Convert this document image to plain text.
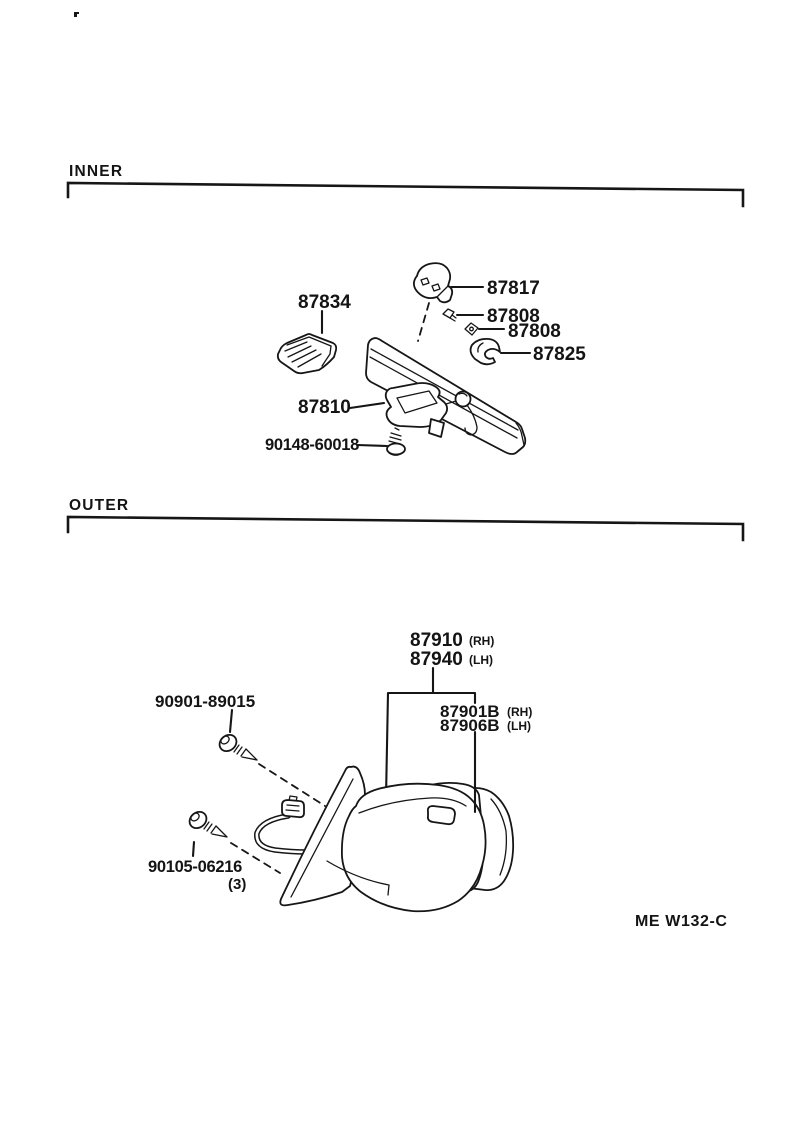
INNER
87834
87817
87808
87808
87825
87810
90148-60018
OUTER
87910 (RH)
87940 (LH)
87901B (RH)
87906B (LH)
90901-89015
90105-06216
(3)
ME W132-C
